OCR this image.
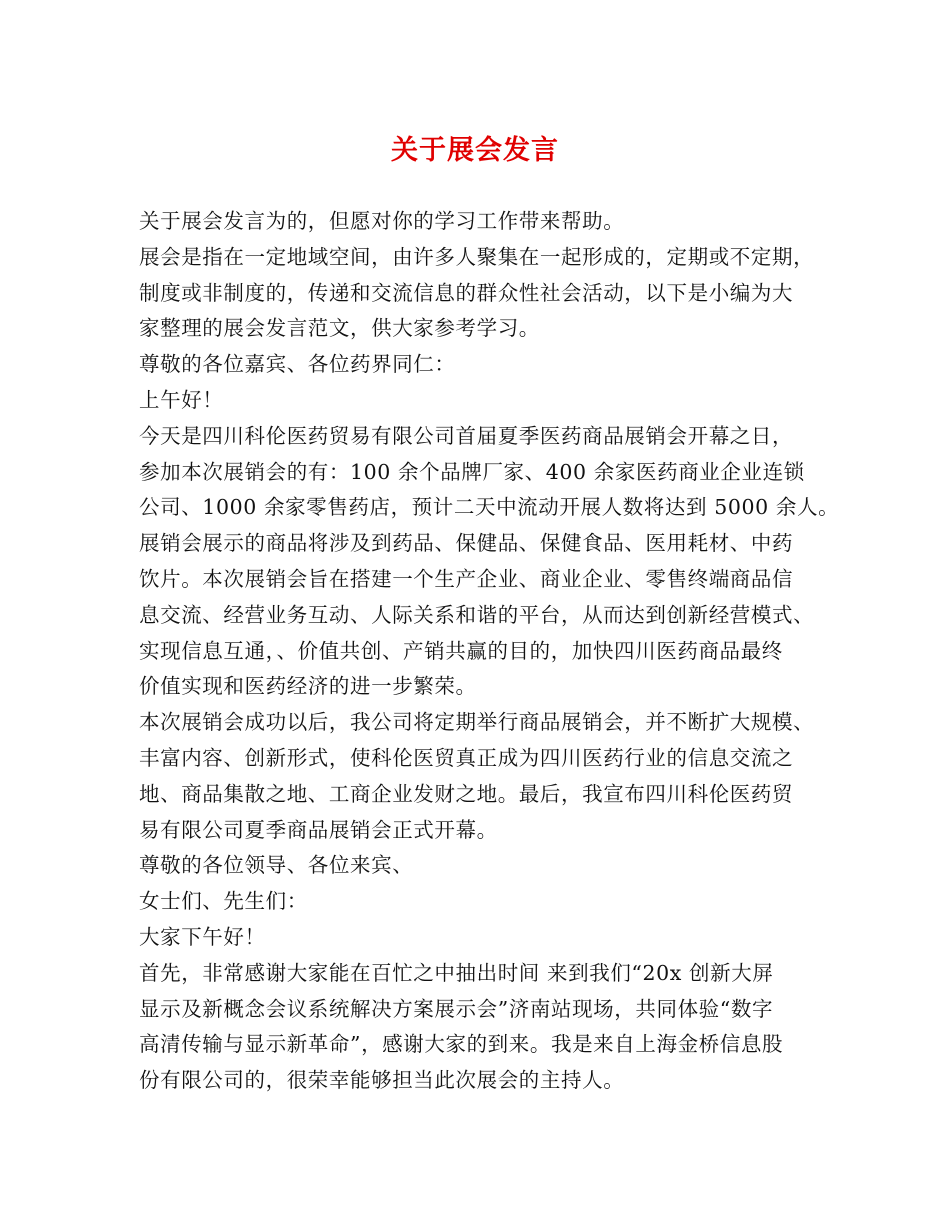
关于展会发言
关于展会发言为的，但愿对你的学习工作带来帮助。
展会是指在一定地域空间，由许多人聚集在一起形成的，定期或不定期，
制度或非制度的，传递和交流信息的群众性社会活动，以下是小编为大
家整理的展会发言范文，供大家参考学习。
尊敬的各位嘉宾、各位药界同仁：
上午好！
今天是四川科伦医药贸易有限公司首届夏季医药商品展销会开幕之日，
参加本次展销会的有：100 余个品牌厂家、400 余家医药商业企业连锁
公司、1000 余家零售药店，预计二天中流动开展人数将达到 5000 余人。
展销会展示的商品将涉及到药品、保健品、保健食品、医用耗材、中药
饮片。本次展销会旨在搭建一个生产企业、商业企业、零售终端商品信
息交流、经营业务互动、人际关系和谐的平台，从而达到创新经营模式、
实现信息互通，、价值共创、产销共赢的目的，加快四川医药商品最终
价值实现和医药经济的进一步繁荣。
本次展销会成功以后，我公司将定期举行商品展销会，并不断扩大规模、
丰富内容、创新形式，使科伦医贸真正成为四川医药行业的信息交流之
地、商品集散之地、工商企业发财之地。最后，我宣布四川科伦医药贸
易有限公司夏季商品展销会正式开幕。
尊敬的各位领导、各位来宾、
女士们、先生们：
大家下午好！
首先，非常感谢大家能在百忙之中抽出时间 来到我们“20x 创新大屏
显示及新概念会议系统解决方案展示会”济南站现场，共同体验“数字
高清传输与显示新革命”，感谢大家的到来。我是来自上海金桥信息股
份有限公司的，很荣幸能够担当此次展会的主持人。
